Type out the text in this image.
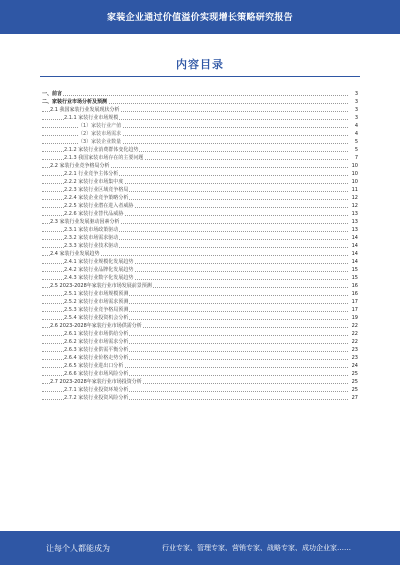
家装企业通过价值溢价实现增长策略研究报告
内容目录
一、前言	3
二、家装行业市场分析及预测	3
2.1 我国家装行业发展现状分析	3
2.1.1 家装行业市场规模	3
（1）家装行业产值	4
（2）家装市场需求	4
（3）家装企业数量	5
2.1.2 家装行业消费群体变化趋势	5
2.1.3 我国家装市场存在的主要问题	7
2.2 家装行业竞争格局分析	10
2.2.1 行业竞争主体分析	10
2.2.2 家装行业市场集中度	10
2.2.3 家装行业区域竞争格局	11
2.2.4 家装企业竞争策略分析	12
2.2.5 家装行业潜在进入者威胁	12
2.2.6 家装行业替代品威胁	13
2.3 家装行业发展驱动因素分析	13
2.3.1 家装市场政策驱动	13
2.3.2 家装市场需求驱动	14
2.3.3 家装行业技术驱动	14
2.4 家装行业发展趋势	14
2.4.1 家装行业规模化发展趋势	14
2.4.2 家装行业品牌化发展趋势	15
2.4.3 家装行业数字化发展趋势	15
2.5 2023-2028年家装行业市场发展前景预测	16
2.5.1 家装行业市场规模预测	16
2.5.2 家装行业市场需求预测	17
2.5.3 家装行业竞争格局预测	17
2.5.4 家装行业投资机会分析	19
2.6 2023-2028年家装行业市场供需分析	22
2.6.1 家装行业市场供给分析	22
2.6.2 家装行业市场需求分析	22
2.6.3 家装行业供需平衡分析	23
2.6.4 家装行业价格走势分析	23
2.6.5 家装行业进出口分析	24
2.6.6 家装行业市场风险分析	25
2.7 2023-2028年家装行业市场投资分析	25
2.7.1 家装行业投资环境分析	25
2.7.2 家装行业投资风险分析	27
让每个人都能成为	行业专家、管理专家、营销专家、战略专家、成功企业家……
